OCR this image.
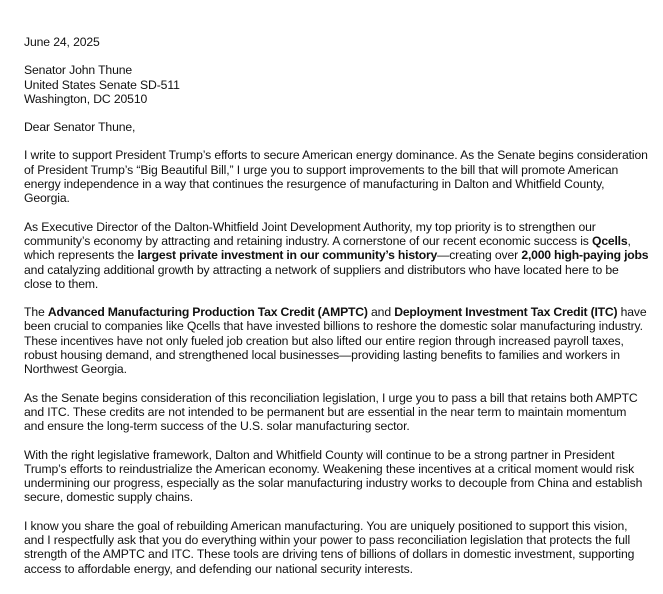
June 24, 2025
Senator John Thune
United States Senate SD-511
Washington, DC 20510
Dear Senator Thune,

I write to support President Trump’s efforts to secure American energy dominance. As the Senate begins consideration of President Trump’s “Big Beautiful Bill,” I urge you to support improvements to the bill that will promote American energy independence in a way that continues the resurgence of manufacturing in Dalton and Whitfield County, Georgia.

As Executive Director of the Dalton-Whitfield Joint Development Authority, my top priority is to strengthen our community’s economy by attracting and retaining industry. A cornerstone of our recent economic success is Qcells, which represents the largest private investment in our community’s history—creating over 2,000 high-paying jobs and catalyzing additional growth by attracting a network of suppliers and distributors who have located here to be close to them.

The Advanced Manufacturing Production Tax Credit (AMPTC) and Deployment Investment Tax Credit (ITC) have been crucial to companies like Qcells that have invested billions to reshore the domestic solar manufacturing industry. These incentives have not only fueled job creation but also lifted our entire region through increased payroll taxes, robust housing demand, and strengthened local businesses—providing lasting benefits to families and workers in Northwest Georgia.

As the Senate begins consideration of this reconciliation legislation, I urge you to pass a bill that retains both AMPTC and ITC. These credits are not intended to be permanent but are essential in the near term to maintain momentum and ensure the long-term success of the U.S. solar manufacturing sector.

With the right legislative framework, Dalton and Whitfield County will continue to be a strong partner in President Trump’s efforts to reindustrialize the American economy. Weakening these incentives at a critical moment would risk undermining our progress, especially as the solar manufacturing industry works to decouple from China and establish secure, domestic supply chains.

I know you share the goal of rebuilding American manufacturing. You are uniquely positioned to support this vision, and I respectfully ask that you do everything within your power to pass reconciliation legislation that protects the full strength of the AMPTC and ITC. These tools are driving tens of billions of dollars in domestic investment, supporting access to affordable energy, and defending our national security interests.
